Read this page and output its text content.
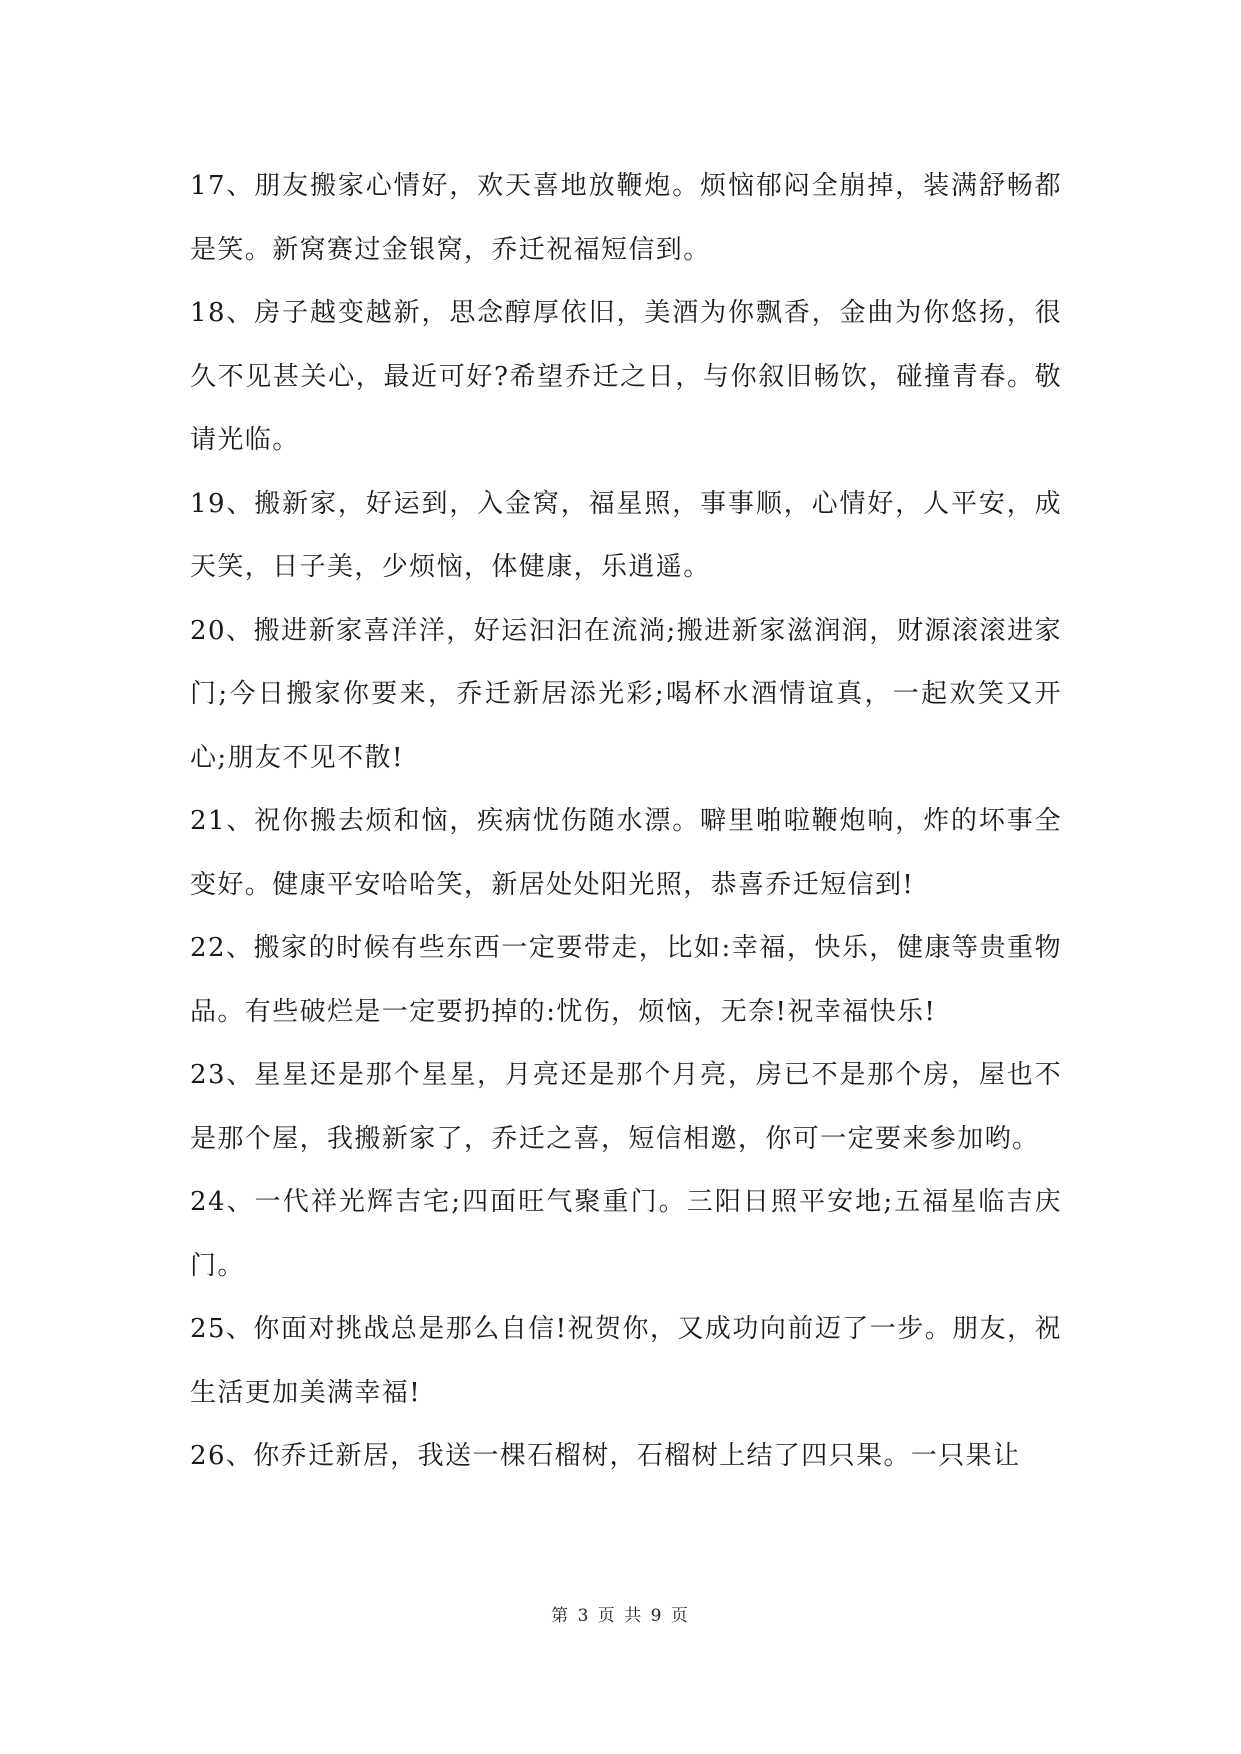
17、朋友搬家心情好，欢天喜地放鞭炮。烦恼郁闷全崩掉，装满舒畅都是笑。新窝赛过金银窝，乔迁祝福短信到。

18、房子越变越新，思念醇厚依旧，美酒为你飘香，金曲为你悠扬，很久不见甚关心，最近可好?希望乔迁之日，与你叙旧畅饮，碰撞青春。敬请光临。

19、搬新家，好运到，入金窝，福星照，事事顺，心情好，人平安，成天笑，日子美，少烦恼，体健康，乐逍遥。

20、搬进新家喜洋洋，好运汩汩在流淌;搬进新家滋润润，财源滚滚进家门;今日搬家你要来，乔迁新居添光彩;喝杯水酒情谊真，一起欢笑又开心;朋友不见不散!

21、祝你搬去烦和恼，疾病忧伤随水漂。噼里啪啦鞭炮响，炸的坏事全变好。健康平安哈哈笑，新居处处阳光照，恭喜乔迁短信到!

22、搬家的时候有些东西一定要带走，比如:幸福，快乐，健康等贵重物品。有些破烂是一定要扔掉的:忧伤，烦恼，无奈!祝幸福快乐!

23、星星还是那个星星，月亮还是那个月亮，房已不是那个房，屋也不是那个屋，我搬新家了，乔迁之喜，短信相邀，你可一定要来参加哟。

24、一代祥光辉吉宅;四面旺气聚重门。三阳日照平安地;五福星临吉庆门。

25、你面对挑战总是那么自信!祝贺你，又成功向前迈了一步。朋友，祝生活更加美满幸福!

26、你乔迁新居，我送一棵石榴树，石榴树上结了四只果。一只果让

第 3 页 共 9 页
